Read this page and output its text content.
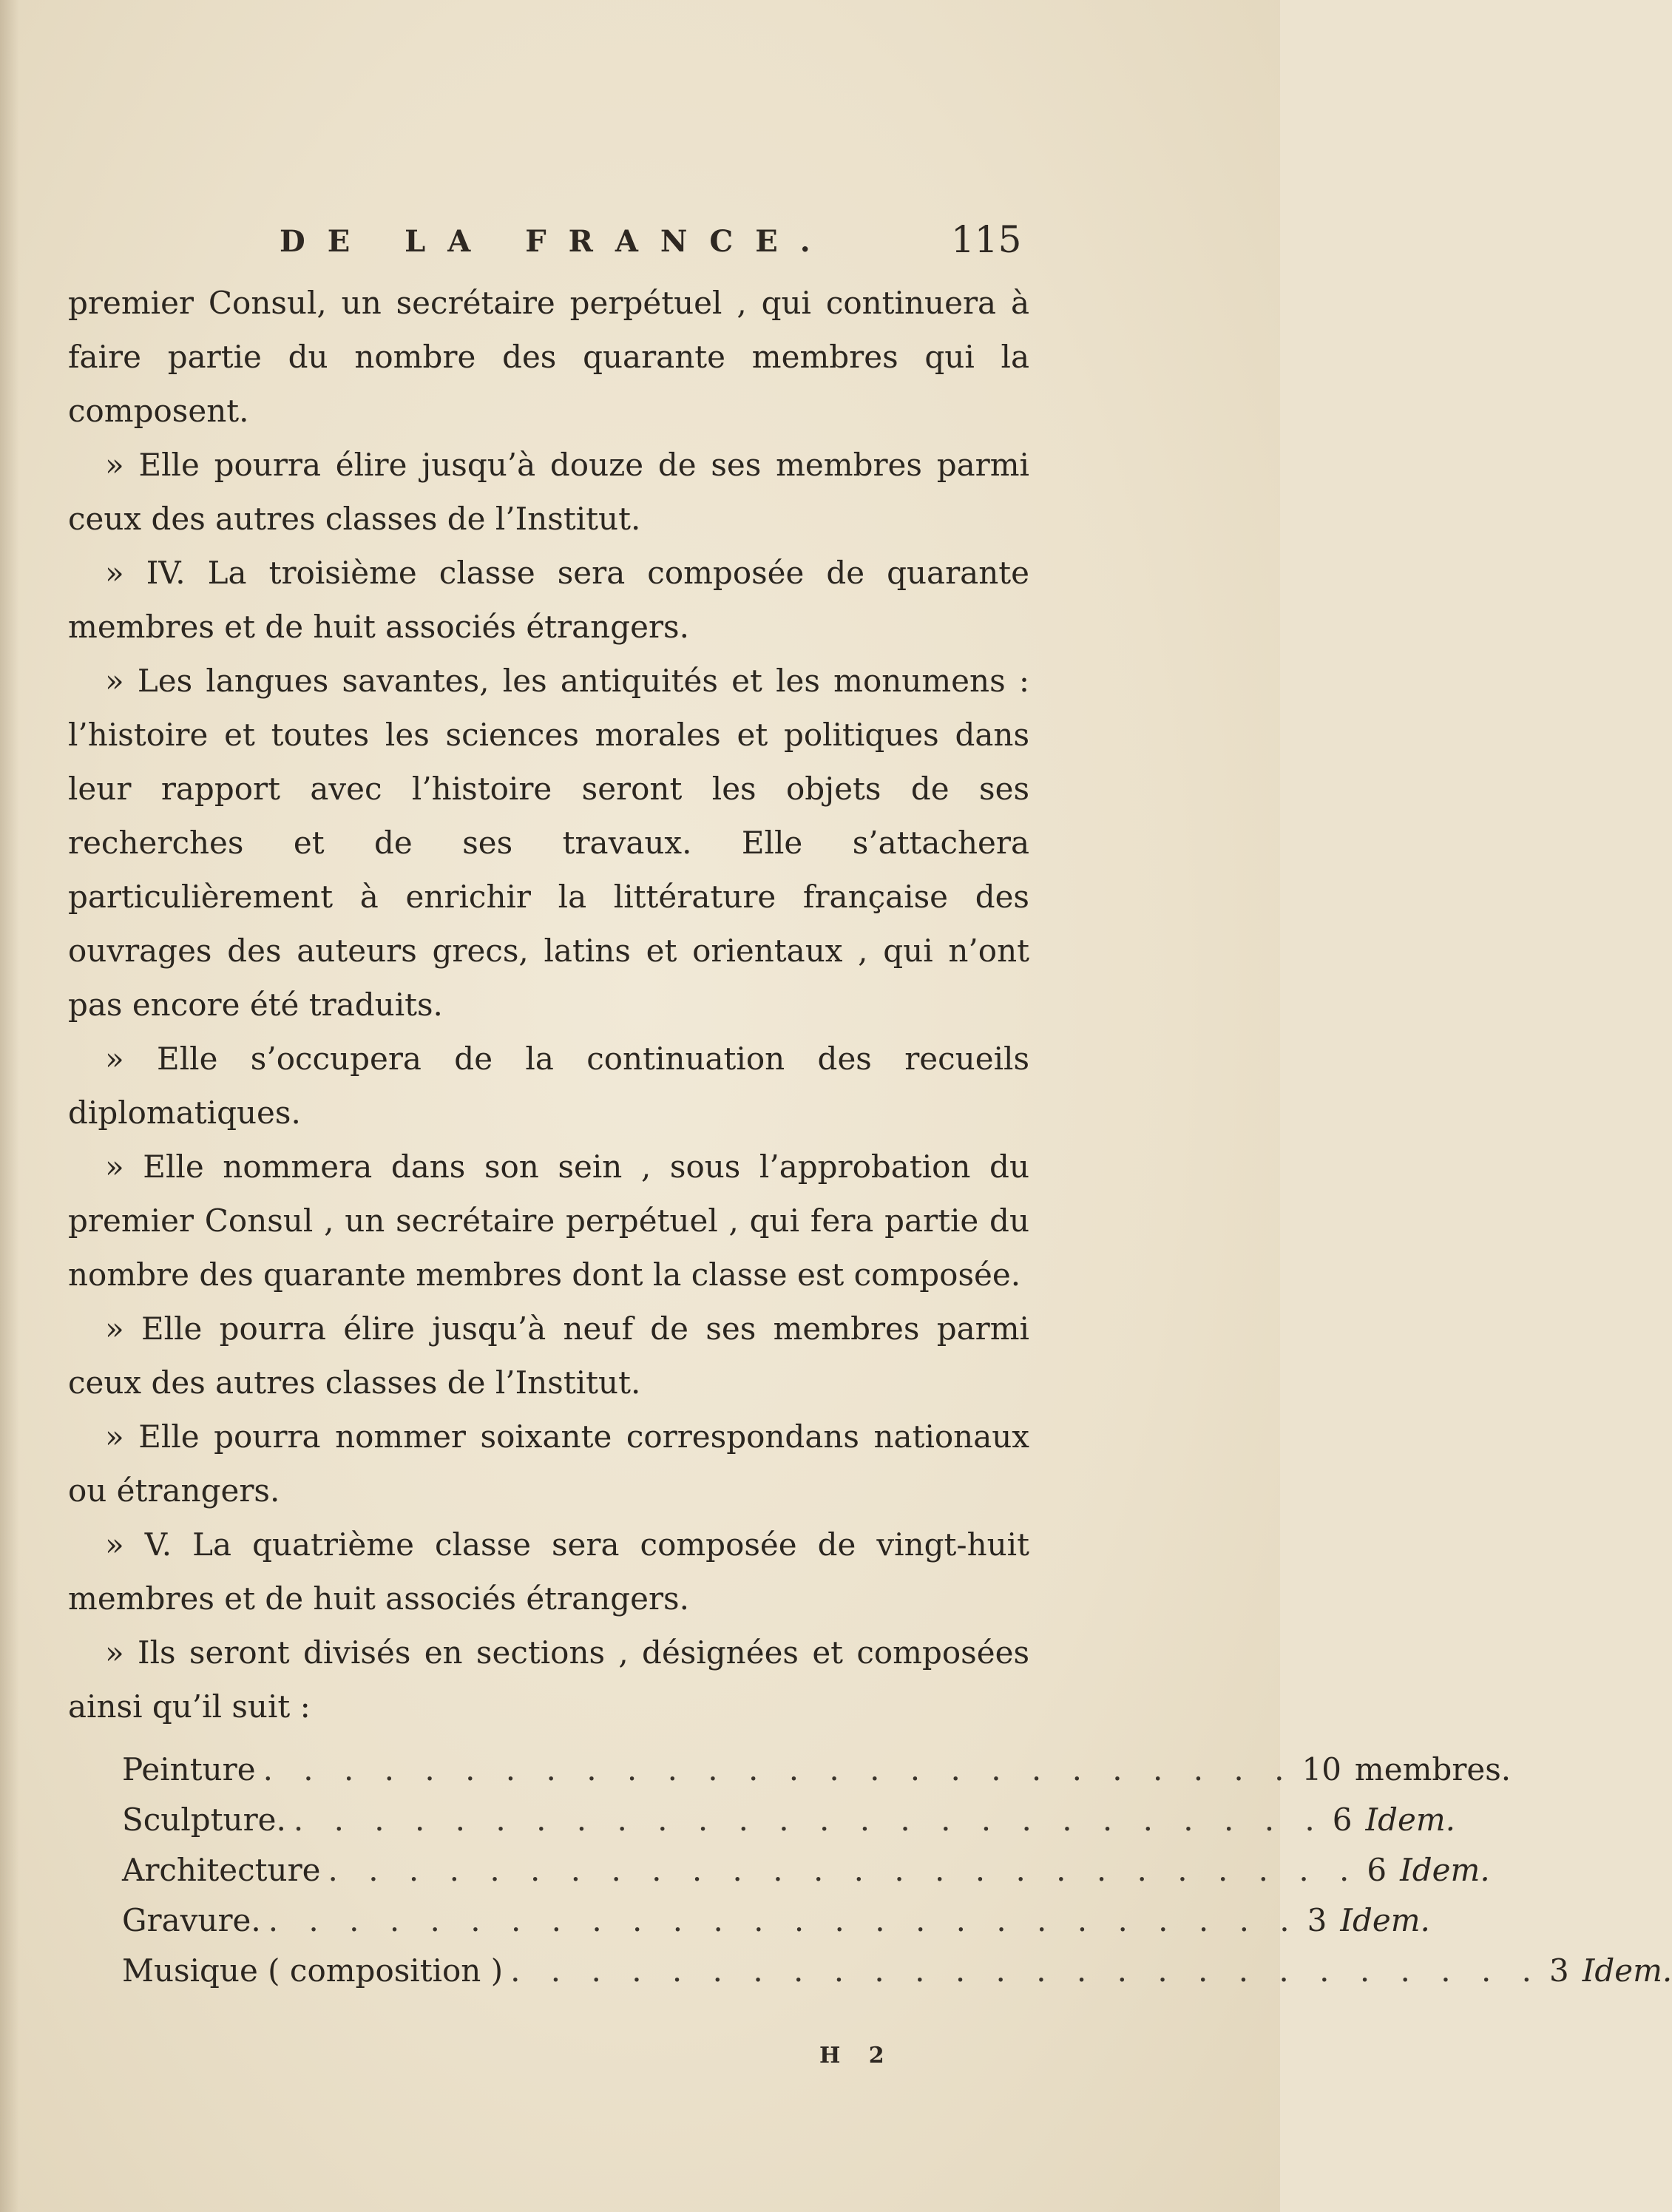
DE LA FRANCE.	115

premier Consul, un secrétaire perpétuel , qui continuera à faire partie du nombre des quarante membres qui la composent.

» Elle pourra élire jusqu’à douze de ses membres parmi ceux des autres classes de l’Institut.

» IV. La troisième classe sera composée de quarante membres et de huit associés étrangers.

» Les langues savantes, les antiquités et les monumens : l’histoire et toutes les sciences morales et politiques dans leur rapport avec l’histoire seront les objets de ses recherches et de ses travaux. Elle s’attachera particulièrement à enrichir la littérature française des ouvrages des auteurs grecs, latins et orientaux , qui n’ont pas encore été traduits.

» Elle s’occupera de la continuation des recueils diplomatiques.

» Elle nommera dans son sein , sous l’approbation du premier Consul , un secrétaire perpétuel , qui fera partie du nombre des quarante membres dont la classe est composée.

» Elle pourra élire jusqu’à neuf de ses membres parmi ceux des autres classes de l’Institut.

» Elle pourra nommer soixante correspondans nationaux ou étrangers.

» V. La quatrième classe sera composée de vingt-huit membres et de huit associés étrangers.

» Ils seront divisés en sections , désignées et composées ainsi qu’il suit :

Peinture . . . . . . . . . . . . . . . . . . . . . . . . . . 10 membres.
Sculpture. . . . . . . . . . . . . . . . . . . . . . . . . . . 6 Idem.
Architecture . . . . . . . . . . . . . . . . . . . . . . . . . . 6 Idem.
Gravure. . . . . . . . . . . . . . . . . . . . . . . . . . . 3 Idem.
Musique ( composition ) . . . . . . . . . . . . . . . . . . . . . . . . . . 3 Idem.
H 2
